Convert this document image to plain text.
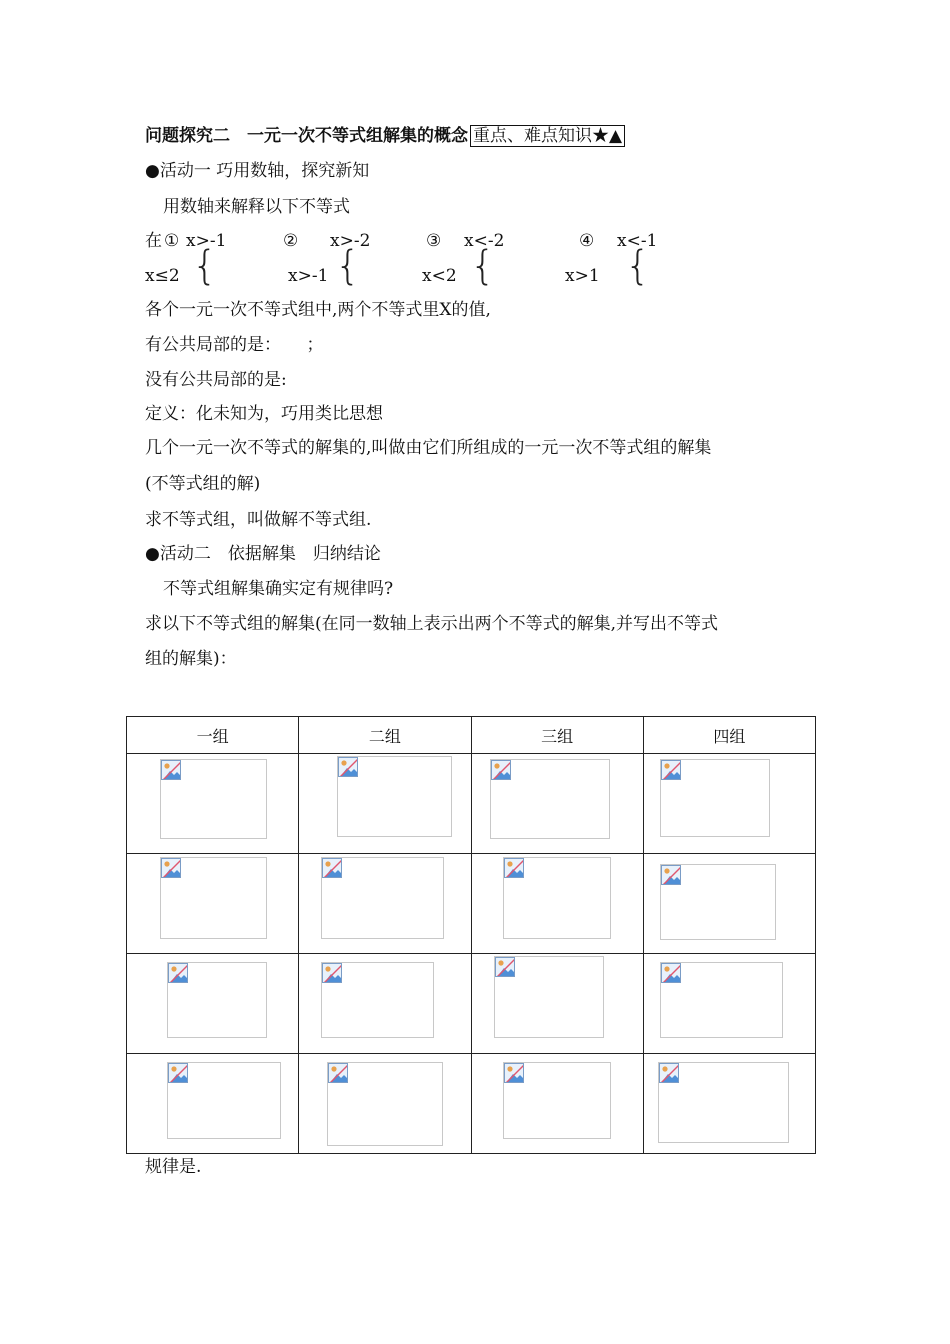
问题探究二　一元一次不等式组解集的概念 重点、难点知识★▲
●活动一 巧用数轴，探究新知
用数轴来解释以下不等式
在 ① x>-1
x≤2 {
② x>-2
x>-1 {
③ x<-2
x<2 {
④ x<-1
x>1 {
各个一元一次不等式组中,两个不等式里X的值,
有公共局部的是：　　；
没有公共局部的是:
定义：化未知为，巧用类比思想
几个一元一次不等式的解集的,叫做由它们所组成的一元一次不等式组的解集
(不等式组的解)
求不等式组，叫做解不等式组.
●活动二　依据解集　归纳结论
不等式组解集确实定有规律吗?
求以下不等式组的解集(在同一数轴上表示出两个不等式的解集,并写出不等式
组的解集)：
一组	二组	三组	四组

规律是.
